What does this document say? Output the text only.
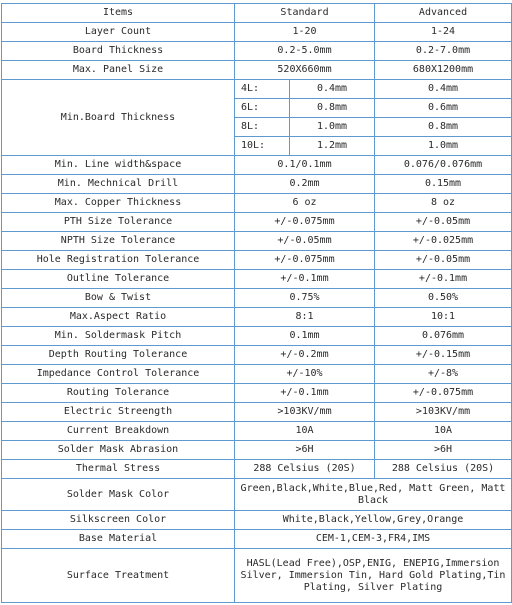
Items	Standard		Advanced
Layer Count	1-20		1-24
Board Thickness	0.2-5.0mm		0.2-7.0mm
Max. Panel Size	520X660mm		680X1200mm
Min.Board Thickness	4L:	0.4mm	0.4mm
	6L:	0.8mm	0.6mm
	8L:	1.0mm	0.8mm
	10L:	1.2mm	1.0mm
Min. Line width&space	0.1/0.1mm		0.076/0.076mm
Min. Mechnical Drill	0.2mm		0.15mm
Max. Copper Thickness	6 oz		8 oz
PTH Size Tolerance	+/-0.075mm		+/-0.05mm
NPTH Size Tolerance	+/-0.05mm		+/-0.025mm
Hole Registration Tolerance	+/-0.075mm		+/-0.05mm
Outline Tolerance	+/-0.1mm		+/-0.1mm
Bow & Twist	0.75%		0.50%
Max.Aspect Ratio	8:1		10:1
Min. Soldermask Pitch	0.1mm		0.076mm
Depth Routing Tolerance	+/-0.2mm		+/-0.15mm
Impedance Control Tolerance	+/-10%		+/-8%
Routing Tolerance	+/-0.1mm		+/-0.075mm
Electric Streength	>103KV/mm		>103KV/mm
Current Breakdown	10A		10A
Solder Mask Abrasion	>6H		>6H
Thermal Stress	288 Celsius (20S)		288 Celsius (20S)
Solder Mask Color	Green,Black,White,Blue,Red, Matt Green, Matt Black		
Silkscreen Color	White,Black,Yellow,Grey,Orange		
Base Material	CEM-1,CEM-3,FR4,IMS		
Surface Treatment	HASL(Lead Free),OSP,ENIG, ENEPIG,Immersion Silver, Immersion Tin, Hard Gold Plating,Tin Plating, Silver Plating		
